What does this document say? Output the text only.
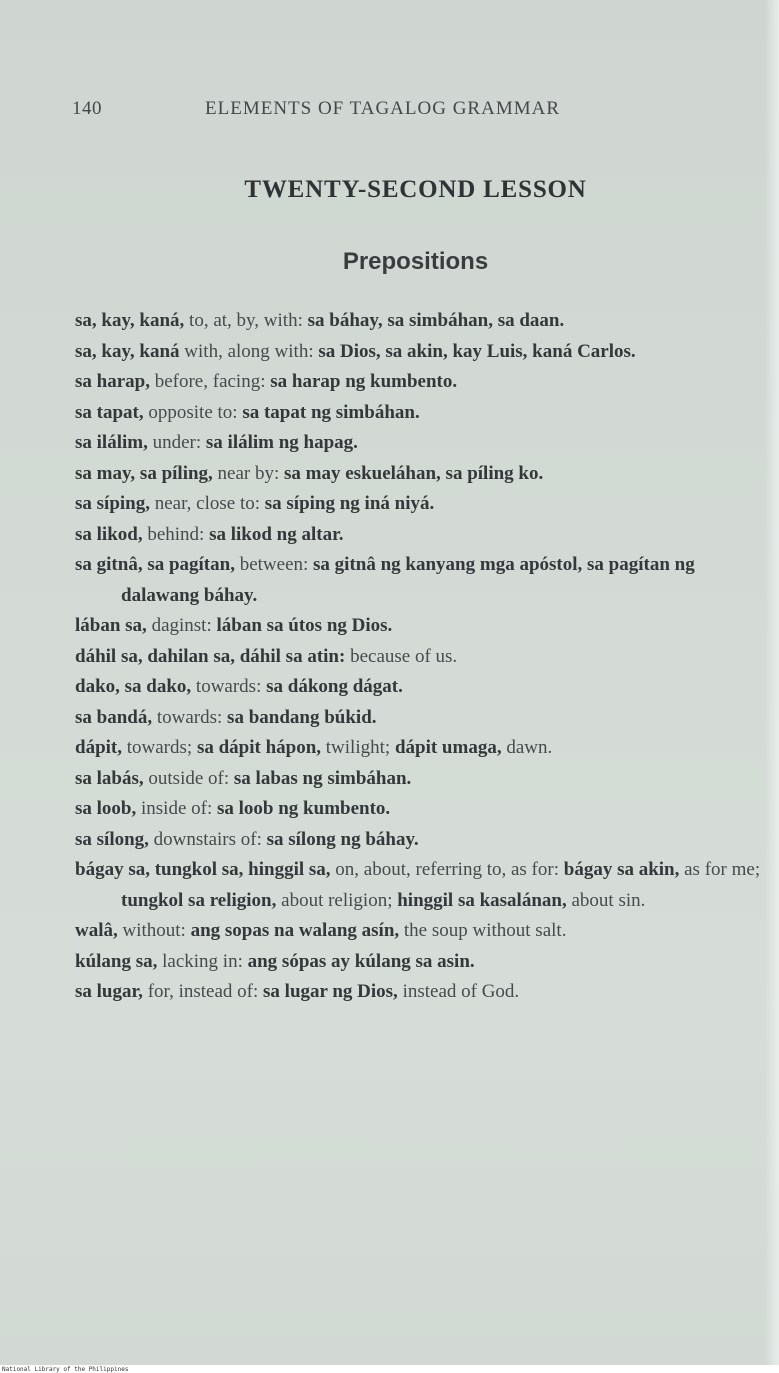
140	ELEMENTS OF TAGALOG GRAMMAR
TWENTY-SECOND LESSON
Prepositions

sa, kay, kaná, to, at, by, with: sa báhay, sa simbáhan, sa daan.

sa, kay, kaná with, along with: sa Dios, sa akin, kay Luis, kaná Carlos.

sa harap, before, facing: sa harap ng kumbento.

sa tapat, opposite to: sa tapat ng simbáhan.

sa ilálim, under: sa ilálim ng hapag.

sa may, sa píling, near by: sa may eskueláhan, sa píling ko.

sa síping, near, close to: sa síping ng iná niyá.

sa likod, behind: sa likod ng altar.

sa gitnâ, sa pagítan, between: sa gitnâ ng kanyang mga apóstol, sa pagítan ng dalawang báhay.

lában sa, daginst: lában sa útos ng Dios.

dáhil sa, dahilan sa, dáhil sa atin: because of us.

dako, sa dako, towards: sa dákong dágat.

sa bandá, towards: sa bandang búkid.

dápit, towards; sa dápit hápon, twilight; dápit umaga, dawn.

sa labás, outside of: sa labas ng simbáhan.

sa loob, inside of: sa loob ng kumbento.

sa sílong, downstairs of: sa sílong ng báhay.

bágay sa, tungkol sa, hinggil sa, on, about, referring to, as for: bágay sa akin, as for me; tungkol sa religion, about religion; hinggil sa kasalánan, about sin.

walâ, without: ang sopas na walang asín, the soup without salt.

kúlang sa, lacking in: ang sópas ay kúlang sa asin.

sa lugar, for, instead of: sa lugar ng Dios, instead of God.

National Library of the Philippines
